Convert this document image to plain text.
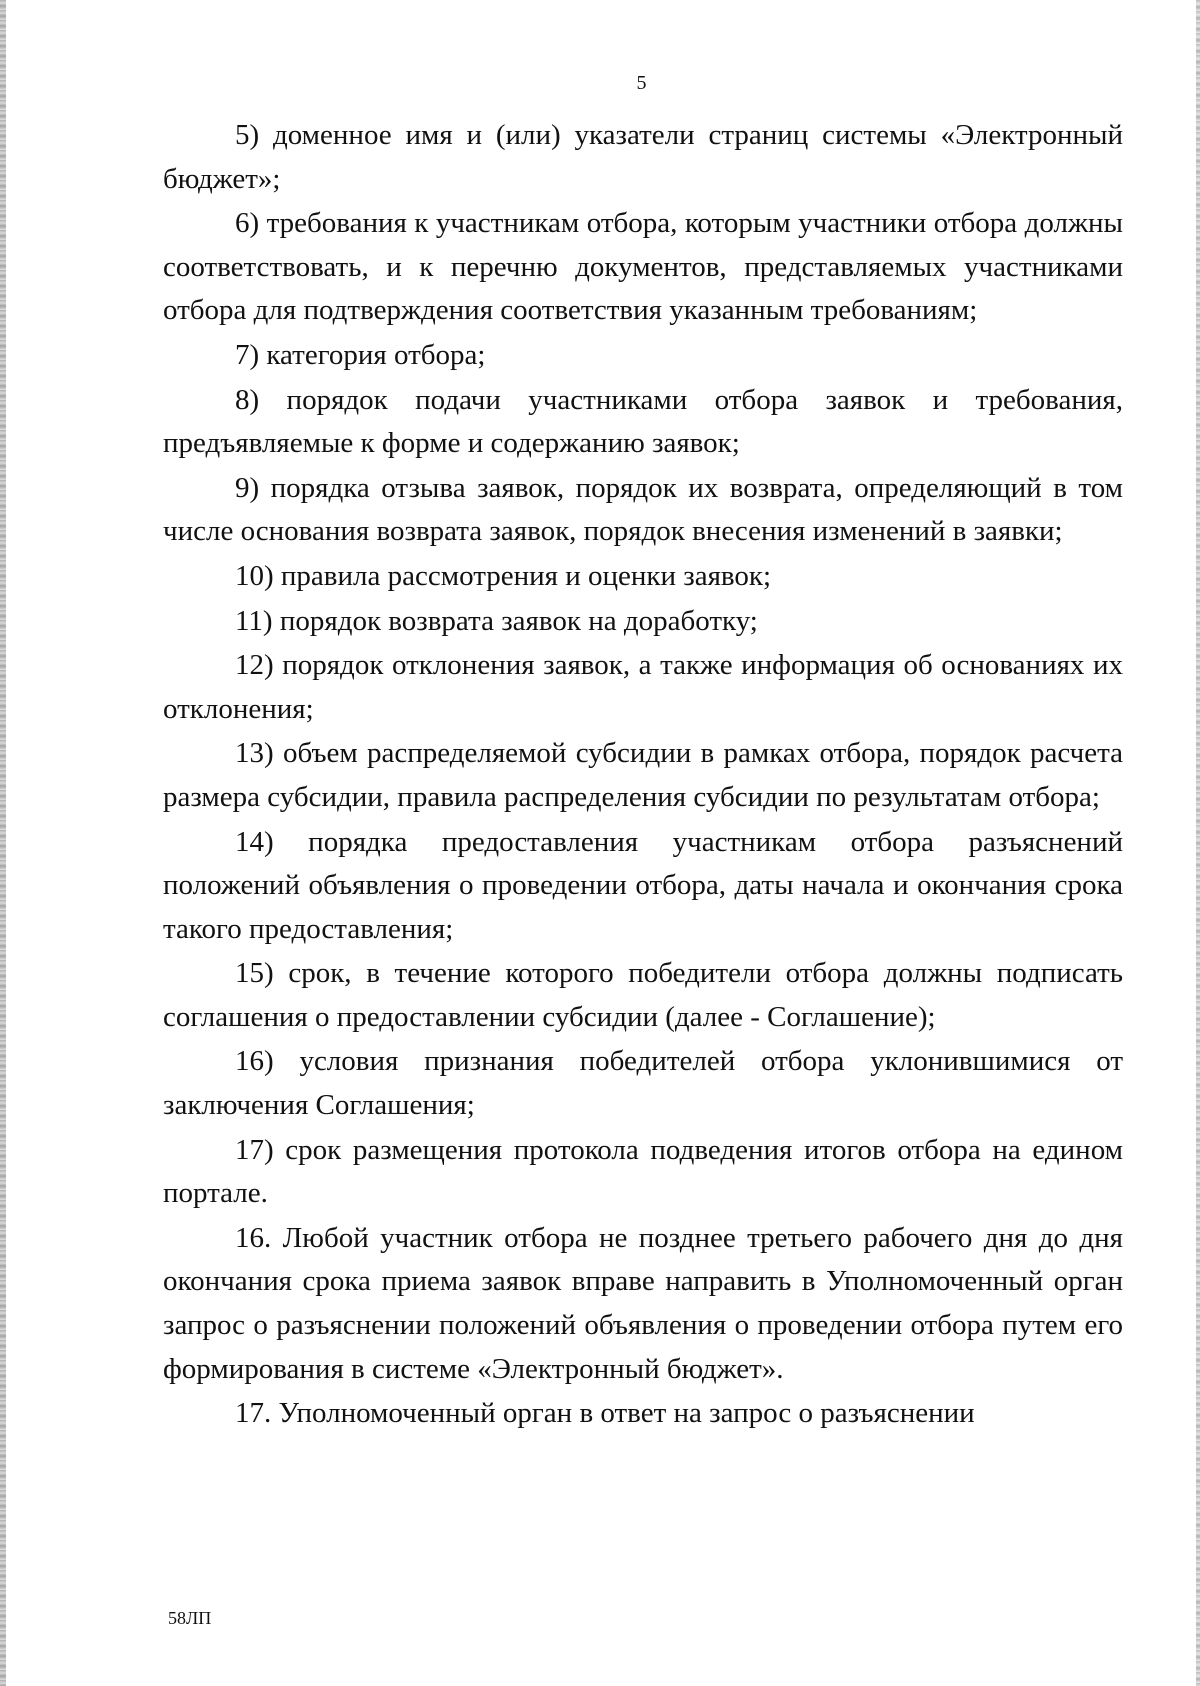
5

5) доменное имя и (или) указатели страниц системы «Электронный бюджет»;

6) требования к участникам отбора, которым участники отбора должны соответствовать, и к перечню документов, представляемых участниками отбора для подтверждения соответствия указанным требованиям;

7) категория отбора;

8) порядок подачи участниками отбора заявок и требования, предъявляемые к форме и содержанию заявок;

9) порядка отзыва заявок, порядок их возврата, определяющий в том числе основания возврата заявок, порядок внесения изменений в заявки;

10) правила рассмотрения и оценки заявок;

11) порядок возврата заявок на доработку;

12) порядок отклонения заявок, а также информация об основаниях их отклонения;

13) объем распределяемой субсидии в рамках отбора, порядок расчета размера субсидии, правила распределения субсидии по результатам отбора;

14) порядка предоставления участникам отбора разъяснений положений объявления о проведении отбора, даты начала и окончания срока такого предоставления;

15) срок, в течение которого победители отбора должны подписать соглашения о предоставлении субсидии (далее - Соглашение);

16) условия признания победителей отбора уклонившимися от заключения Соглашения;

17) срок размещения протокола подведения итогов отбора на едином портале.

16. Любой участник отбора не позднее третьего рабочего дня до дня окончания срока приема заявок вправе направить в Уполномоченный орган запрос о разъяснении положений объявления о проведении отбора путем его формирования в системе «Электронный бюджет».

17. Уполномоченный орган в ответ на запрос о разъяснении

58ЛП
